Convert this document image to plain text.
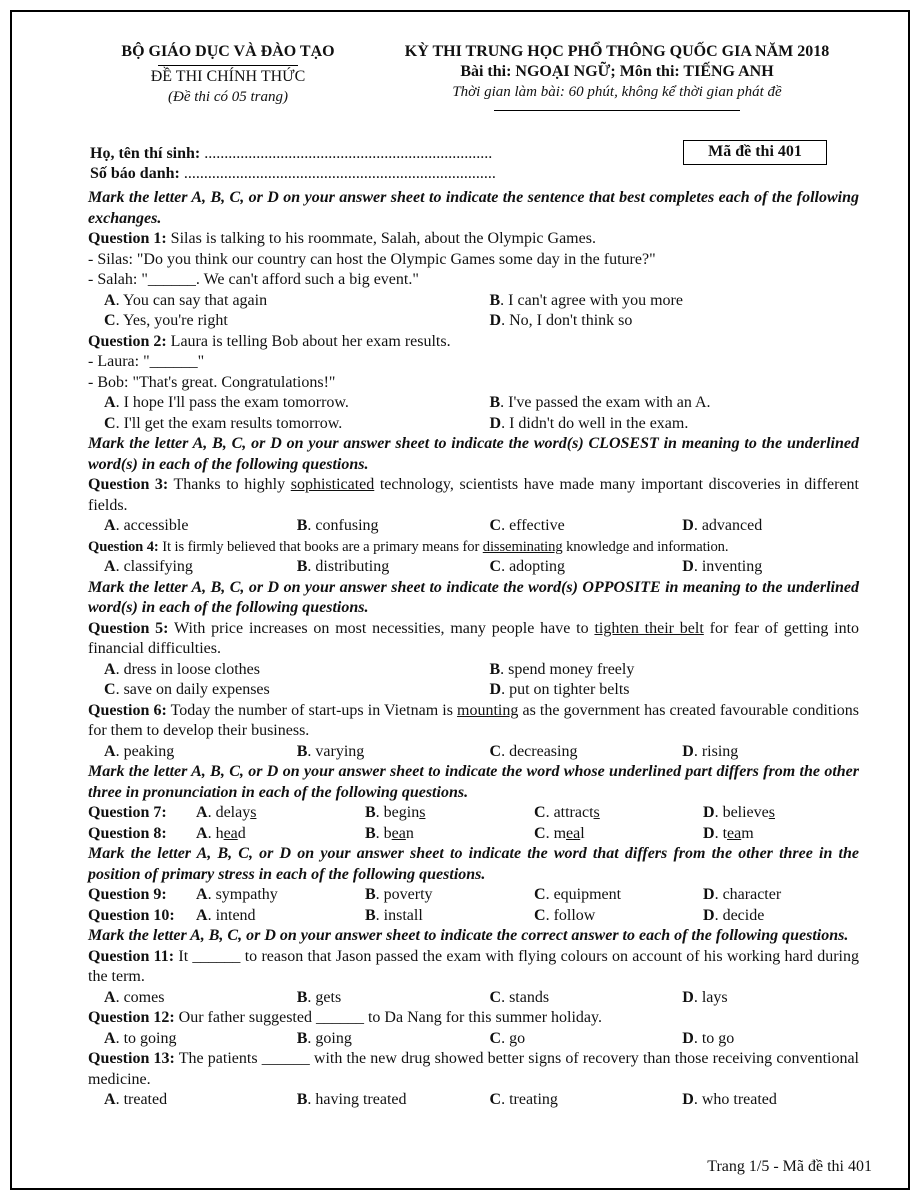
BỘ GIÁO DỤC VÀ ĐÀO TẠO
ĐỀ THI CHÍNH THỨC
(Đề thi có 05 trang)
KỲ THI TRUNG HỌC PHỔ THÔNG QUỐC GIA NĂM 2018
Bài thi: NGOẠI NGỮ; Môn thi: TIẾNG ANH
Thời gian làm bài: 60 phút, không kể thời gian phát đề
Họ, tên thí sinh: ........................................................................
Số báo danh: ..............................................................................
Mã đề thi 401
Mark the letter A, B, C, or D on your answer sheet to indicate the sentence that best completes each of the following exchanges.
Question 1: Silas is talking to his roommate, Salah, about the Olympic Games.
- Silas: "Do you think our country can host the Olympic Games some day in the future?"
- Salah: "______. We can't afford such a big event."
A. You can say that again	B. I can't agree with you more
C. Yes, you're right	D. No, I don't think so
Question 2: Laura is telling Bob about her exam results.
- Laura: "______"
- Bob: "That's great. Congratulations!"
A. I hope I'll pass the exam tomorrow.	B. I've passed the exam with an A.
C. I'll get the exam results tomorrow.	D. I didn't do well in the exam.
Mark the letter A, B, C, or D on your answer sheet to indicate the word(s) CLOSEST in meaning to the underlined word(s) in each of the following questions.
Question 3: Thanks to highly sophisticated technology, scientists have made many important discoveries in different fields.
A. accessible	B. confusing	C. effective	D. advanced
Question 4: It is firmly believed that books are a primary means for disseminating knowledge and information.
A. classifying	B. distributing	C. adopting	D. inventing
Mark the letter A, B, C, or D on your answer sheet to indicate the word(s) OPPOSITE in meaning to the underlined word(s) in each of the following questions.
Question 5: With price increases on most necessities, many people have to tighten their belt for fear of getting into financial difficulties.
A. dress in loose clothes	B. spend money freely
C. save on daily expenses	D. put on tighter belts
Question 6: Today the number of start-ups in Vietnam is mounting as the government has created favourable conditions for them to develop their business.
A. peaking	B. varying	C. decreasing	D. rising
Mark the letter A, B, C, or D on your answer sheet to indicate the word whose underlined part differs from the other three in pronunciation in each of the following questions.
Question 7:	A. delays	B. begins	C. attracts	D. believes
Question 8:	A. head	B. bean	C. meal	D. team
Mark the letter A, B, C, or D on your answer sheet to indicate the word that differs from the other three in the position of primary stress in each of the following questions.
Question 9:	A. sympathy	B. poverty	C. equipment	D. character
Question 10:	A. intend	B. install	C. follow	D. decide
Mark the letter A, B, C, or D on your answer sheet to indicate the correct answer to each of the following questions.
Question 11: It ______ to reason that Jason passed the exam with flying colours on account of his working hard during the term.
A. comes	B. gets	C. stands	D. lays
Question 12: Our father suggested ______ to Da Nang for this summer holiday.
A. to going	B. going	C. go	D. to go
Question 13: The patients ______ with the new drug showed better signs of recovery than those receiving conventional medicine.
A. treated	B. having treated	C. treating	D. who treated
Trang 1/5 - Mã đề thi 401
